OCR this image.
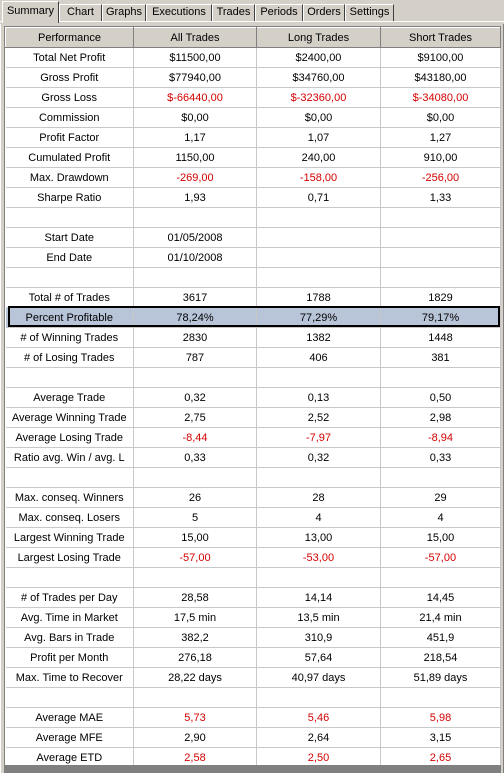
Summary	Chart	Graphs Executions Trades Periods Orders Settings
Performance	All Trades	Long Trades	Short Trades
Total Net Profit	$11500,00	$2400,00	$9100,00
Gross Profit	$77940,00	$34760,00	$43180,00
Gross Loss	$-66440,00	$-32360,00	$-34080,00
Commission	$0,00	$0,00	$0,00
Profit Factor	1,17	1,07	1,27
Cumulated Profit	1150,00	240,00	910,00
Max. Drawdown	-269,00	-158,00	-256,00
Sharpe Ratio	1,93	0,71	1,33

Start Date	01/05/2008		
End Date	01/10/2008		

Total # of Trades	3617	1788	1829
Percent Profitable	78,24%	77,29%	79,17%
# of Winning Trades	2830	1382	1448
# of Losing Trades	787	406	381

Average Trade	0,32	0,13	0,50
Average Winning Trade	2,75	2,52	2,98
Average Losing Trade	-8,44	-7,97	-8,94
Ratio avg. Win / avg. L	0,33	0,32	0,33

Max. conseq. Winners	26	28	29
Max. conseq. Losers	5	4	4
Largest Winning Trade	15,00	13,00	15,00
Largest Losing Trade	-57,00	-53,00	-57,00

# of Trades per Day	28,58	14,14	14,45
Avg. Time in Market	17,5 min	13,5 min	21,4 min
Avg. Bars in Trade	382,2	310,9	451,9
Profit per Month	276,18	57,64	218,54
Max. Time to Recover	28,22 days	40,97 days	51,89 days

Average MAE	5,73	5,46	5,98
Average MFE	2,90	2,64	3,15
Average ETD	2,58	2,50	2,65
